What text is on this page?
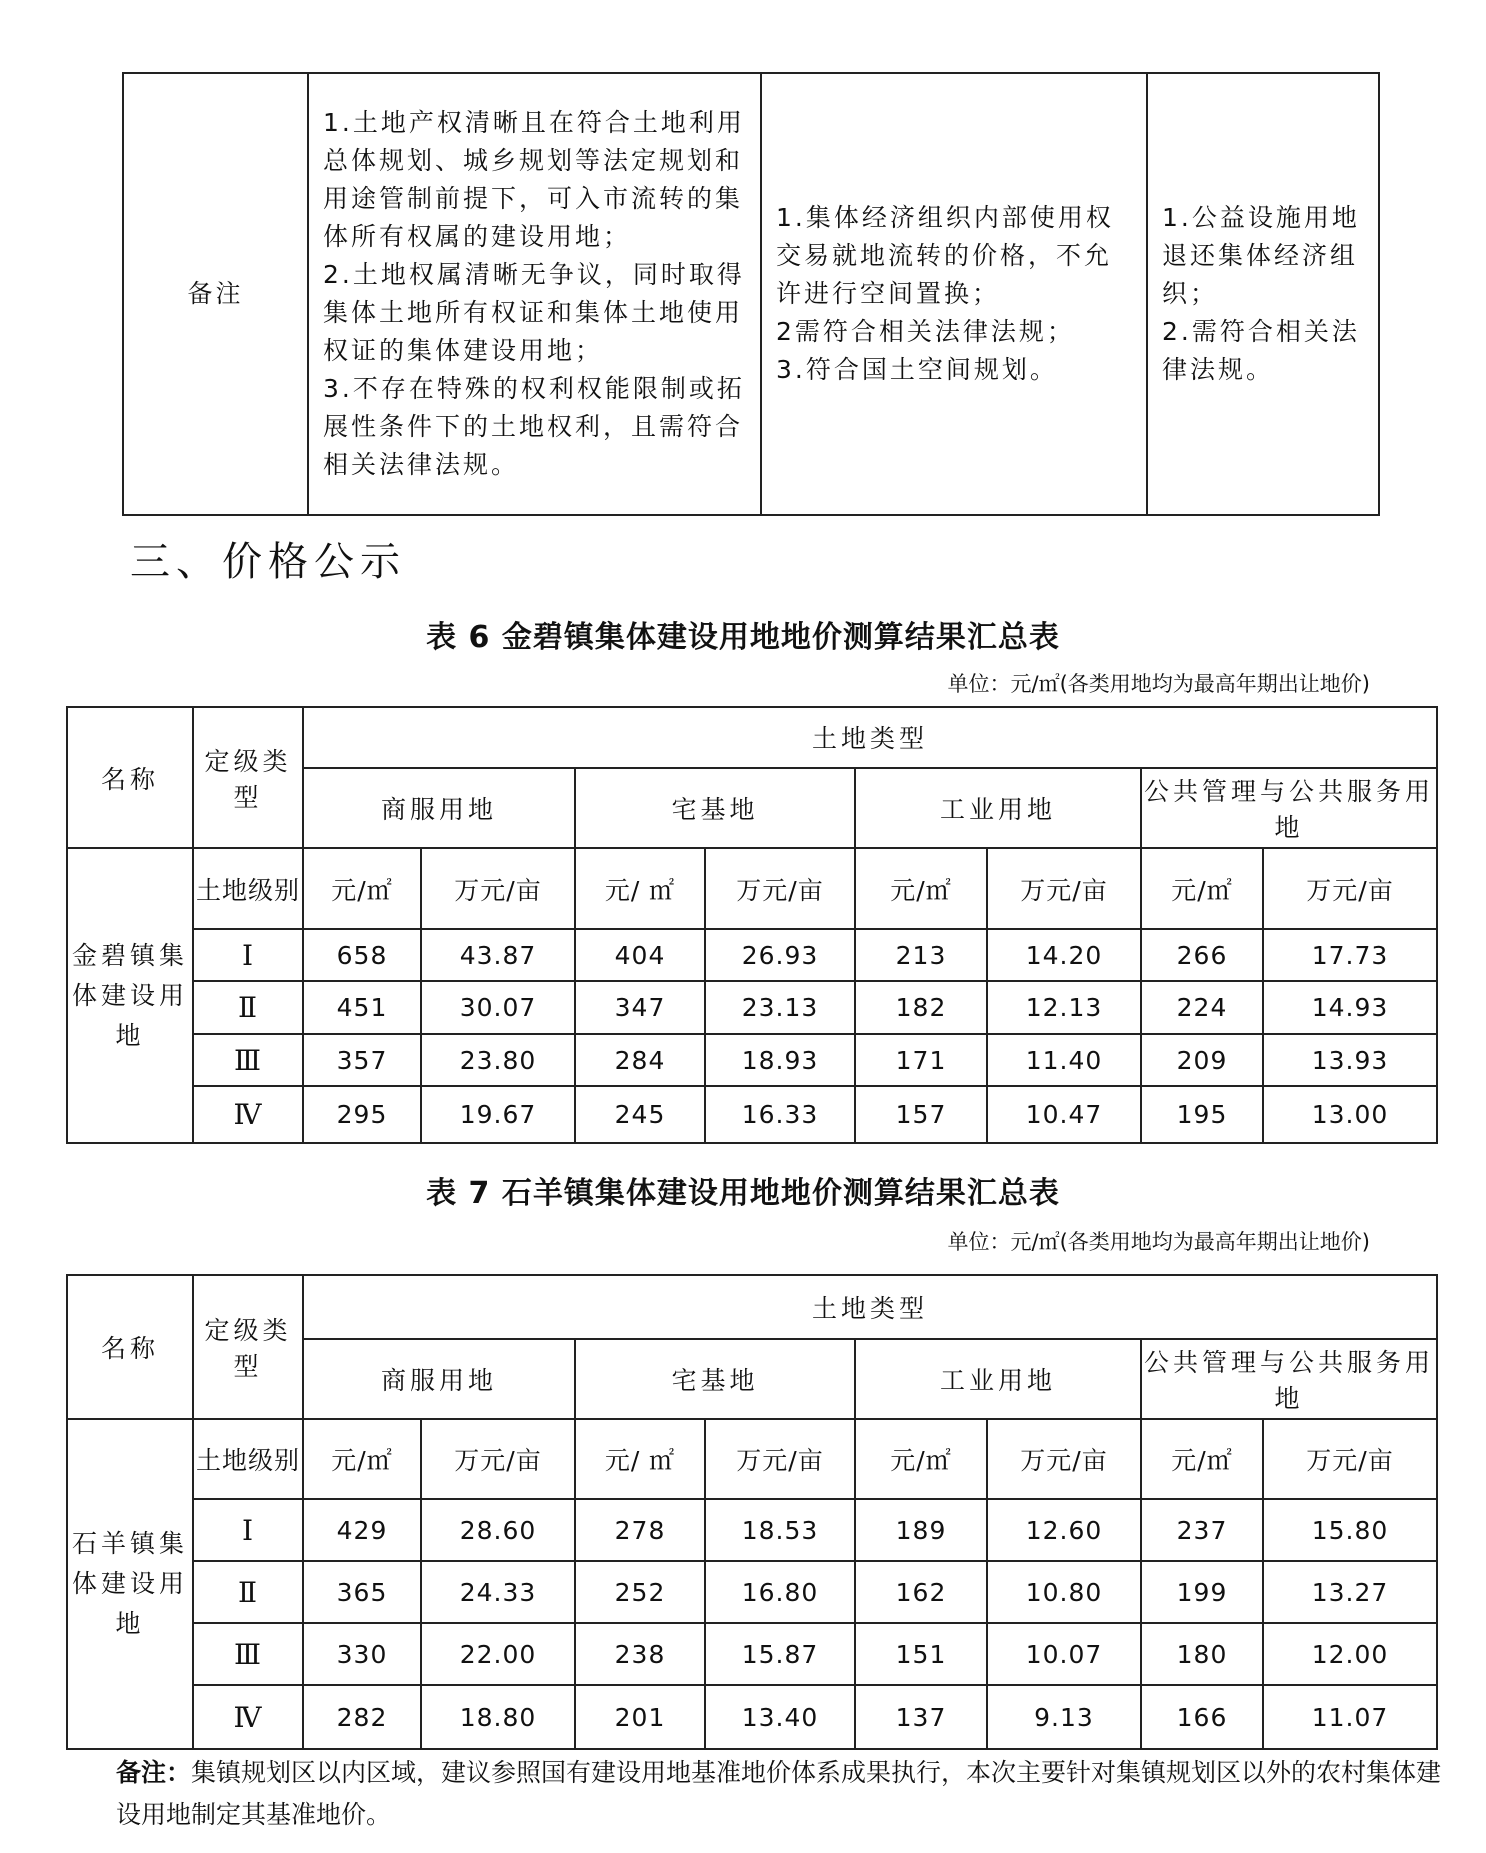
备注	
1.土地产权清晰且在符合土地利用总体规划、城乡规划等法定规划和用途管制前提下，可入市流转的集体所有权属的建设用地；
2.土地权属清晰无争议，同时取得集体土地所有权证和集体土地使用权证的集体建设用地；
3.不存在特殊的权利权能限制或拓展性条件下的土地权利，且需符合相关法律法规。

1.集体经济组织内部使用权交易就地流转的价格，不允许进行空间置换；
2需符合相关法律法规；
3.符合国土空间规划。

1.公益设施用地退还集体经济组织；
2.需符合相关法律法规。
三、价格公示
表 6 金碧镇集体建设用地地价测算结果汇总表

单位：元/㎡(各类用地均为最高年期出让地价)

名称	定级类型	土地类型							
		商服用地		宅基地		工业用地		公共管理与公共服务用地	
金碧镇集体建设用地	土地级别	元/㎡	万元/亩	元/ ㎡	万元/亩	元/㎡	万元/亩	元/㎡	万元/亩
	Ⅰ	658	43.87	404	26.93	213	14.20	266	17.73
	Ⅱ	451	30.07	347	23.13	182	12.13	224	14.93
	Ⅲ	357	23.80	284	18.93	171	11.40	209	13.93
	Ⅳ	295	19.67	245	16.33	157	10.47	195	13.00
表 7 石羊镇集体建设用地地价测算结果汇总表

单位：元/㎡(各类用地均为最高年期出让地价)

名称	定级类型	土地类型							
		商服用地		宅基地		工业用地		公共管理与公共服务用地	
石羊镇集体建设用地	土地级别	元/㎡	万元/亩	元/ ㎡	万元/亩	元/㎡	万元/亩	元/㎡	万元/亩
	Ⅰ	429	28.60	278	18.53	189	12.60	237	15.80
	Ⅱ	365	24.33	252	16.80	162	10.80	199	13.27
	Ⅲ	330	22.00	238	15.87	151	10.07	180	12.00
	Ⅳ	282	18.80	201	13.40	137	9.13	166	11.07

备注：集镇规划区以内区域，建议参照国有建设用地基准地价体系成果执行，本次主要针对集镇规划区以外的农村集体建设用地制定其基准地价。
